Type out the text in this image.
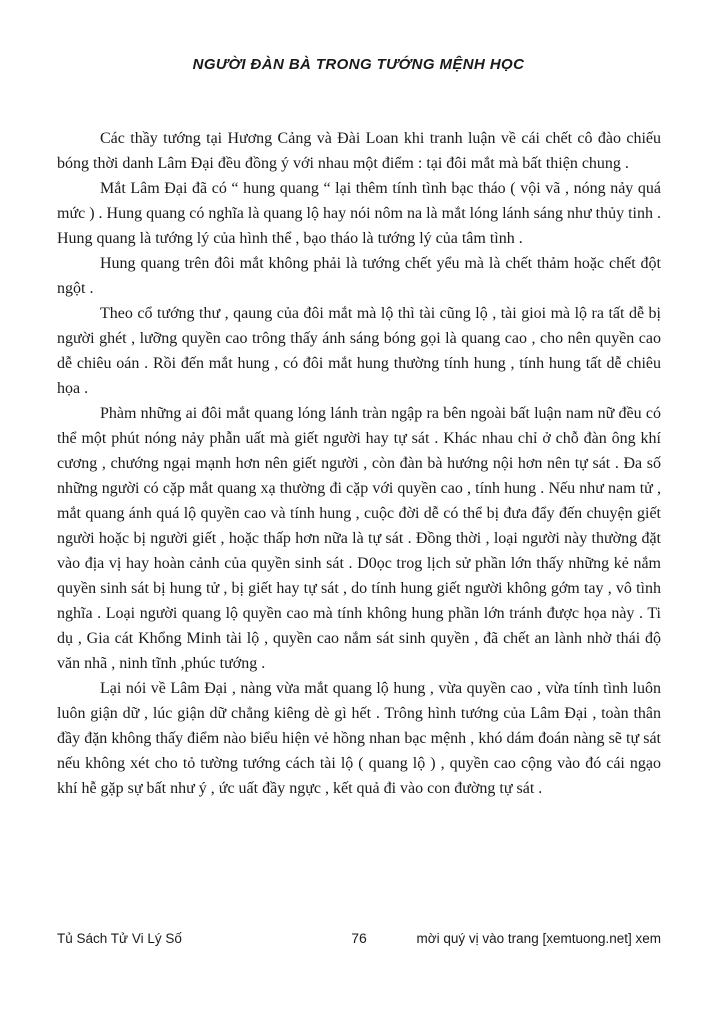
NGƯỜI ĐÀN BÀ TRONG TƯỚNG MỆNH HỌC

Các thầy tướng tại Hương Cảng và Đài Loan khi tranh luận về cái chết cô đào chiếu bóng thời danh Lâm Đại đều đồng ý với nhau một điểm : tại đôi mắt mà bất thiện chung .

Mắt Lâm Đại đã có “ hung quang “ lại thêm tính tình bạc tháo ( vội vã , nóng nảy quá mức ) . Hung quang có nghĩa là quang lộ hay nói nôm na là mắt lóng lánh sáng như thủy tinh . Hung quang là tướng lý của hình thể , bạo tháo là tướng lý của tâm tình .

Hung quang trên đôi mắt không phải là tướng chết yểu mà là chết thảm hoặc chết đột ngột .

Theo cổ tướng thư , qaung của đôi mắt mà lộ thì tài cũng lộ , tài gioi mà lộ ra tất dễ bị người ghét , lưỡng quyền cao trông thấy ánh sáng bóng gọi là quang cao , cho nên quyền cao dễ chiêu oán . Rồi đến mắt hung , có đôi mắt hung thường tính hung , tính hung tất dễ chiêu họa .

Phàm những ai đôi mắt quang lóng lánh tràn ngập ra bên ngoài bất luận nam nữ đều có thể một phút nóng nảy phẫn uất mà giết người hay tự sát . Khác nhau chỉ ở chỗ đàn ông khí cương , chướng ngại mạnh hơn nên giết người , còn đàn bà hướng nội hơn nên tự sát . Đa số những người có cặp mắt quang xạ thường đi cặp với quyền cao , tính hung . Nếu như nam tử , mắt quang ánh quá lộ quyền cao và tính hung , cuộc đời dễ có thể bị đưa đẩy đến chuyện giết người hoặc bị người giết , hoặc thấp hơn nữa là tự sát . Đồng thời , loại người này thường đặt vào địa vị hay hoàn cảnh của quyền sinh sát . D0ọc trog lịch sử phần lớn thấy những kẻ nắm quyền sinh sát bị hung tử , bị giết hay tự sát , do tính hung giết người không gớm tay , vô tình nghĩa . Loại người quang lộ quyền cao mà tính không hung phần lớn tránh được họa này . Ti dụ , Gia cát Khổng Minh tài lộ , quyền cao nắm sát sinh quyền , đã chết an lành nhờ thái độ văn nhã , ninh tĩnh ,phúc tướng .

Lại nói về Lâm Đại , nàng vừa mắt quang lộ hung , vừa quyền cao , vừa tính tình luôn luôn giận dữ , lúc giận dữ chẳng kiêng dè gì hết . Trông hình tướng của Lâm Đại , toàn thân đầy đặn không thấy điểm nào biểu hiện vẻ hồng nhan bạc mệnh , khó dám đoán nàng sẽ tự sát nếu không xét cho tỏ tường tướng cách tài lộ ( quang lộ ) , quyền cao cộng vào đó cái ngạo khí hễ gặp sự bất như ý , ức uất đầy ngực , kết quả đi vào con đường tự sát .

Tủ Sách Tử Vi Lý Số	76	mời quý vị vào trang [xemtuong.net] xem
